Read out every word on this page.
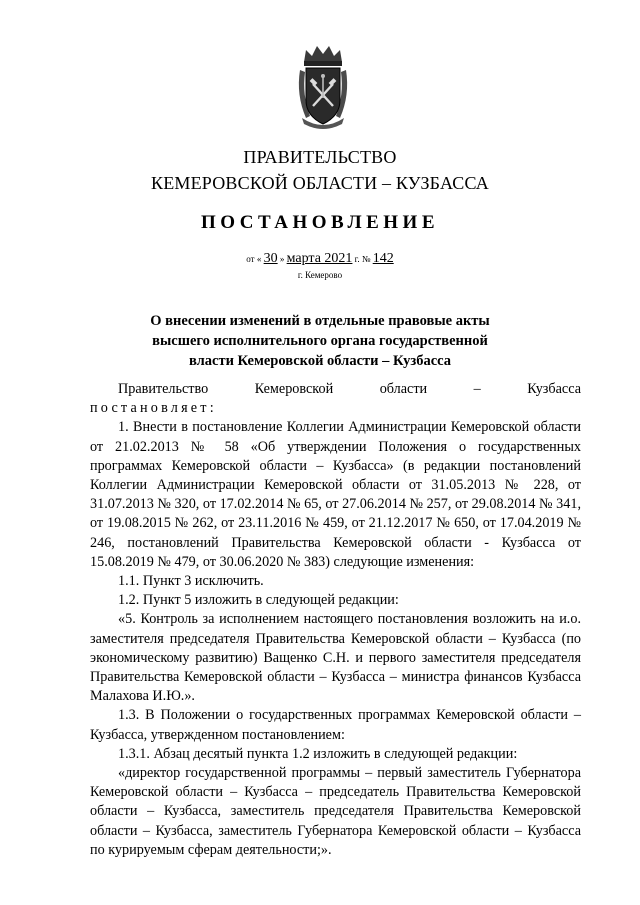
ПРАВИТЕЛЬСТВО
КЕМЕРОВСКОЙ ОБЛАСТИ – КУЗБАССА
ПОСТАНОВЛЕНИЕ
от « 30 » марта 2021 г. № 142
г. Кемерово
О внесении изменений в отдельные правовые акты высшего исполнительного органа государственной власти Кемеровской области – Кузбасса

Правительство Кемеровской области – Кузбасса

постановляет:

1. Внести в постановление Коллегии Администрации Кемеровской области от 21.02.2013 № 58 «Об утверждении Положения о государственных программах Кемеровской области – Кузбасса» (в редакции постановлений Коллегии Администрации Кемеровской области от 31.05.2013 № 228, от 31.07.2013 № 320, от 17.02.2014 № 65, от 27.06.2014 № 257, от 29.08.2014 № 341, от 19.08.2015 № 262, от 23.11.2016 № 459, от 21.12.2017 № 650, от 17.04.2019 № 246, постановлений Правительства Кемеровской области - Кузбасса от 15.08.2019 № 479, от 30.06.2020 № 383) следующие изменения:

1.1. Пункт 3 исключить.

1.2. Пункт 5 изложить в следующей редакции:

«5. Контроль за исполнением настоящего постановления возложить на и.о. заместителя председателя Правительства Кемеровской области – Кузбасса (по экономическому развитию) Ващенко С.Н. и первого заместителя председателя Правительства Кемеровской области – Кузбасса – министра финансов Кузбасса Малахова И.Ю.».

1.3. В Положении о государственных программах Кемеровской области – Кузбасса, утвержденном постановлением:

1.3.1. Абзац десятый пункта 1.2 изложить в следующей редакции:

«директор государственной программы – первый заместитель Губернатора Кемеровской области – Кузбасса – председатель Правительства Кемеровской области – Кузбасса, заместитель председателя Правительства Кемеровской области – Кузбасса, заместитель Губернатора Кемеровской области – Кузбасса по курируемым сферам деятельности;».
